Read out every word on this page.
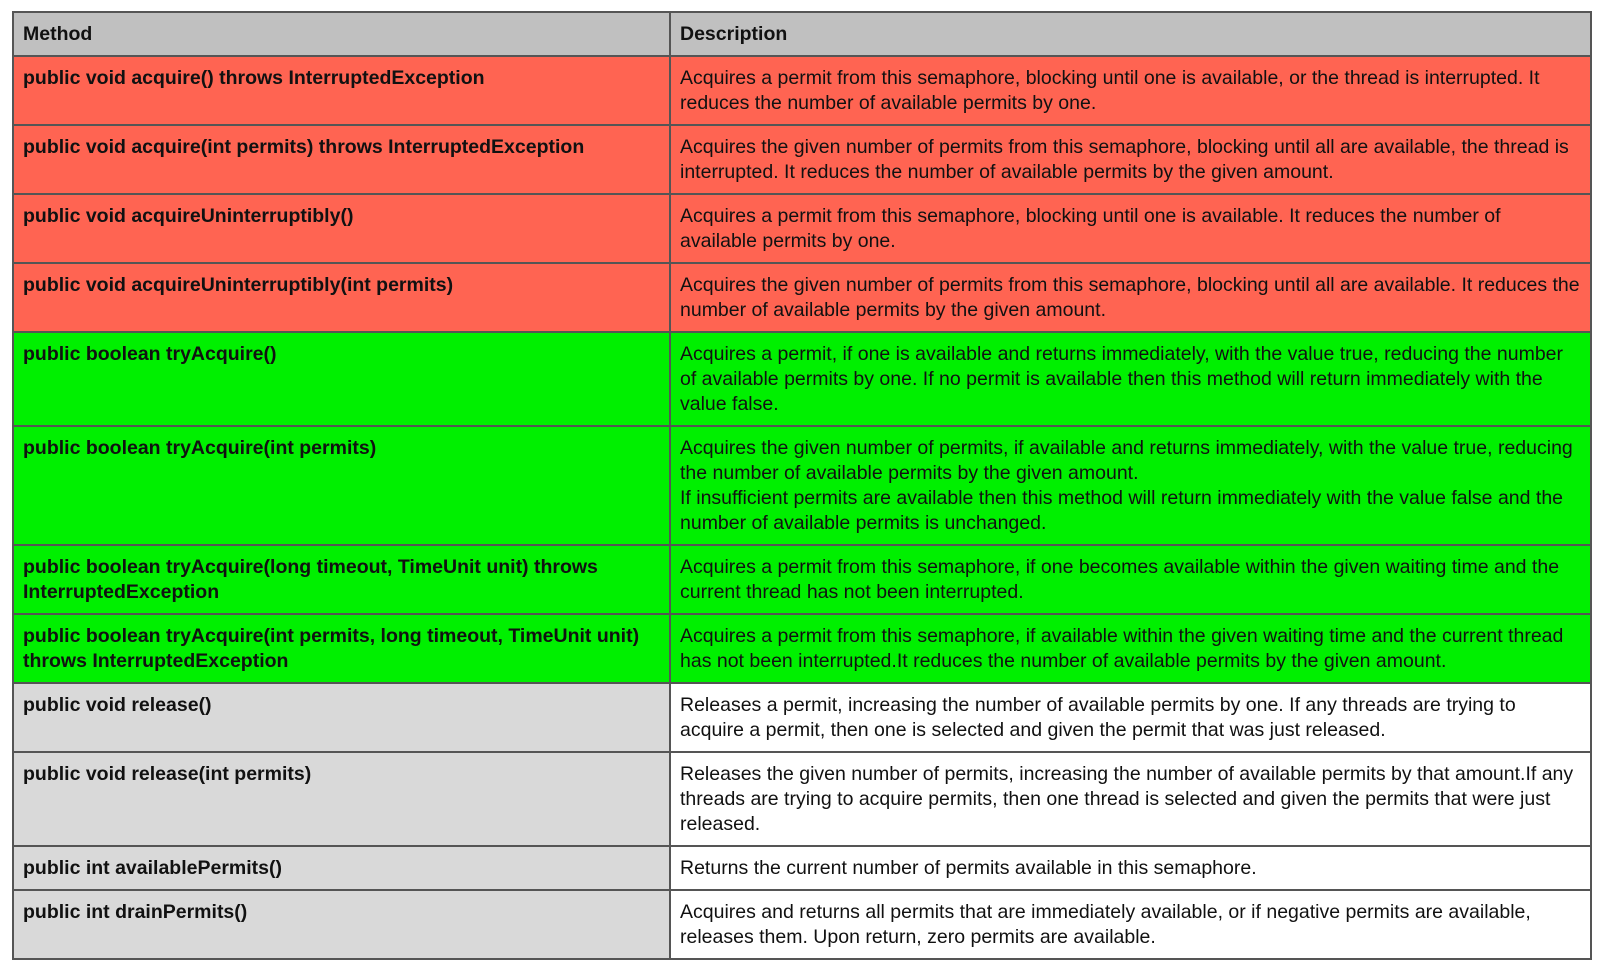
Method	Description
public void acquire() throws InterruptedException	Acquires a permit from this semaphore, blocking until one is available, or the thread is interrupted. It reduces the number of available permits by one.

public void acquire(int permits) throws InterruptedException	Acquires the given number of permits from this semaphore, blocking until all are available, the thread is interrupted. It reduces the number of available permits by the given amount.

public void acquireUninterruptibly()	Acquires a permit from this semaphore, blocking until one is available. It reduces the number of available permits by one.

public void acquireUninterruptibly(int permits)	Acquires the given number of permits from this semaphore, blocking until all are available. It reduces the number of available permits by the given amount.

public boolean tryAcquire()	Acquires a permit, if one is available and returns immediately, with the value true, reducing the number of available permits by one. If no permit is available then this method will return immediately with the value false.

public boolean tryAcquire(int permits)	Acquires the given number of permits, if available and returns immediately, with the value true, reducing the number of available permits by the given amount.
If insufficient permits are available then this method will return immediately with the value false and the number of available permits is unchanged.

public boolean tryAcquire(long timeout, TimeUnit unit) throws InterruptedException	Acquires a permit from this semaphore, if one becomes available within the given waiting time and the current thread has not been interrupted.

public boolean tryAcquire(int permits, long timeout, TimeUnit unit) throws InterruptedException	Acquires a permit from this semaphore, if available within the given waiting time and the current thread has not been interrupted.It reduces the number of available permits by the given amount.

public void release()	Releases a permit, increasing the number of available permits by one. If any threads are trying to acquire a permit, then one is selected and given the permit that was just released.

public void release(int permits)	Releases the given number of permits, increasing the number of available permits by that amount.If any threads are trying to acquire permits, then one thread is selected and given the permits that were just released.

public int availablePermits()	Returns the current number of permits available in this semaphore.

public int drainPermits()	Acquires and returns all permits that are immediately available, or if negative permits are available, releases them. Upon return, zero permits are available.
